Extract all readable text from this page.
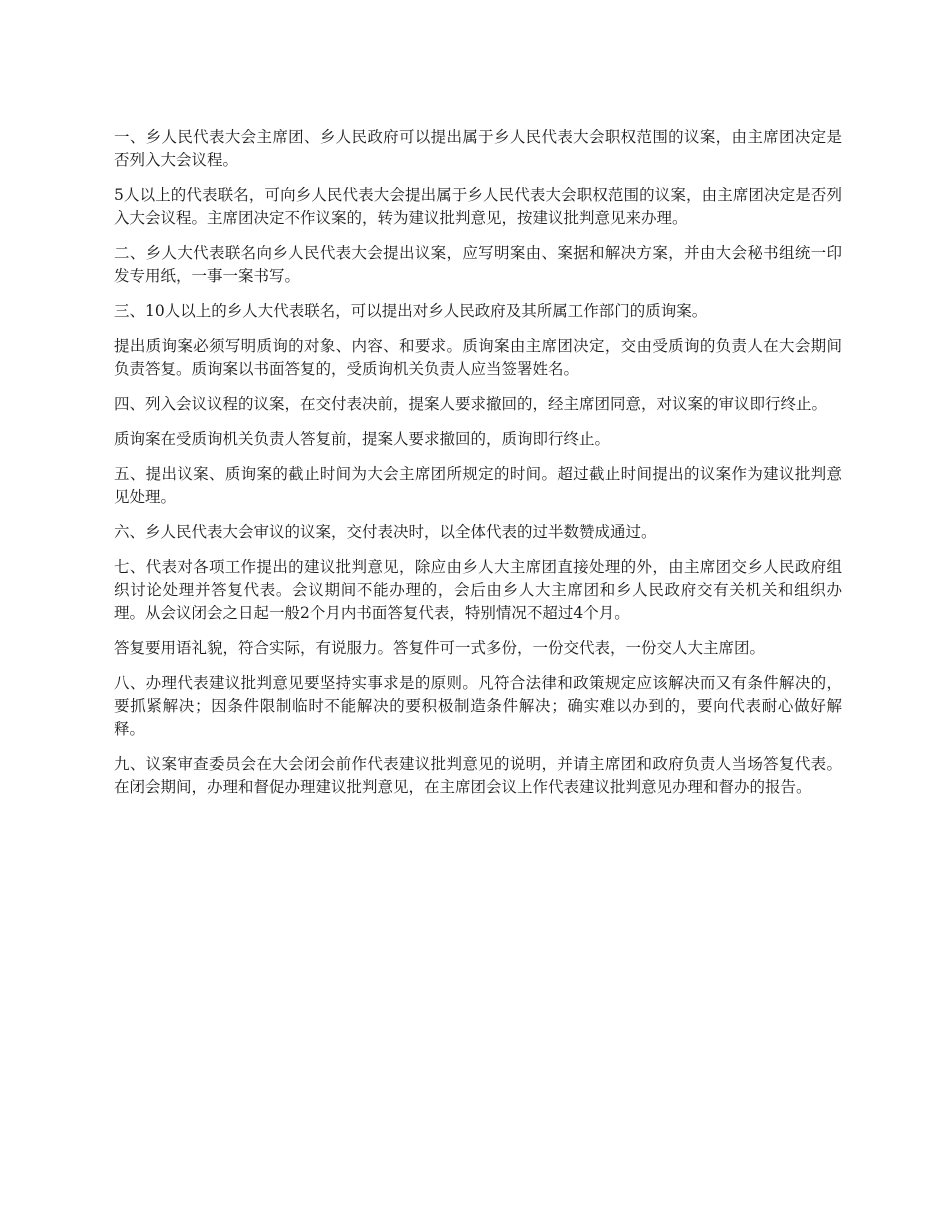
一、乡人民代表大会主席团、乡人民政府可以提出属于乡人民代表大会职权范围的议案，由主席团决定是否列入大会议程。

5人以上的代表联名，可向乡人民代表大会提出属于乡人民代表大会职权范围的议案，由主席团决定是否列入大会议程。主席团决定不作议案的，转为建议批判意见，按建议批判意见来办理。

二、乡人大代表联名向乡人民代表大会提出议案，应写明案由、案据和解决方案，并由大会秘书组统一印发专用纸，一事一案书写。

三、10人以上的乡人大代表联名，可以提出对乡人民政府及其所属工作部门的质询案。

提出质询案必须写明质询的对象、内容、和要求。质询案由主席团决定，交由受质询的负责人在大会期间负责答复。质询案以书面答复的，受质询机关负责人应当签署姓名。

四、列入会议议程的议案，在交付表决前，提案人要求撤回的，经主席团同意，对议案的审议即行终止。

质询案在受质询机关负责人答复前，提案人要求撤回的，质询即行终止。

五、提出议案、质询案的截止时间为大会主席团所规定的时间。超过截止时间提出的议案作为建议批判意见处理。

六、乡人民代表大会审议的议案，交付表决时，以全体代表的过半数赞成通过。

七、代表对各项工作提出的建议批判意见，除应由乡人大主席团直接处理的外，由主席团交乡人民政府组织讨论处理并答复代表。会议期间不能办理的，会后由乡人大主席团和乡人民政府交有关机关和组织办理。从会议闭会之日起一般2个月内书面答复代表，特别情况不超过4个月。

答复要用语礼貌，符合实际，有说服力。答复件可一式多份，一份交代表，一份交人大主席团。

八、办理代表建议批判意见要坚持实事求是的原则。凡符合法律和政策规定应该解决而又有条件解决的，要抓紧解决；因条件限制临时不能解决的要积极制造条件解决；确实难以办到的，要向代表耐心做好解释。

九、议案审查委员会在大会闭会前作代表建议批判意见的说明，并请主席团和政府负责人当场答复代表。在闭会期间，办理和督促办理建议批判意见，在主席团会议上作代表建议批判意见办理和督办的报告。
